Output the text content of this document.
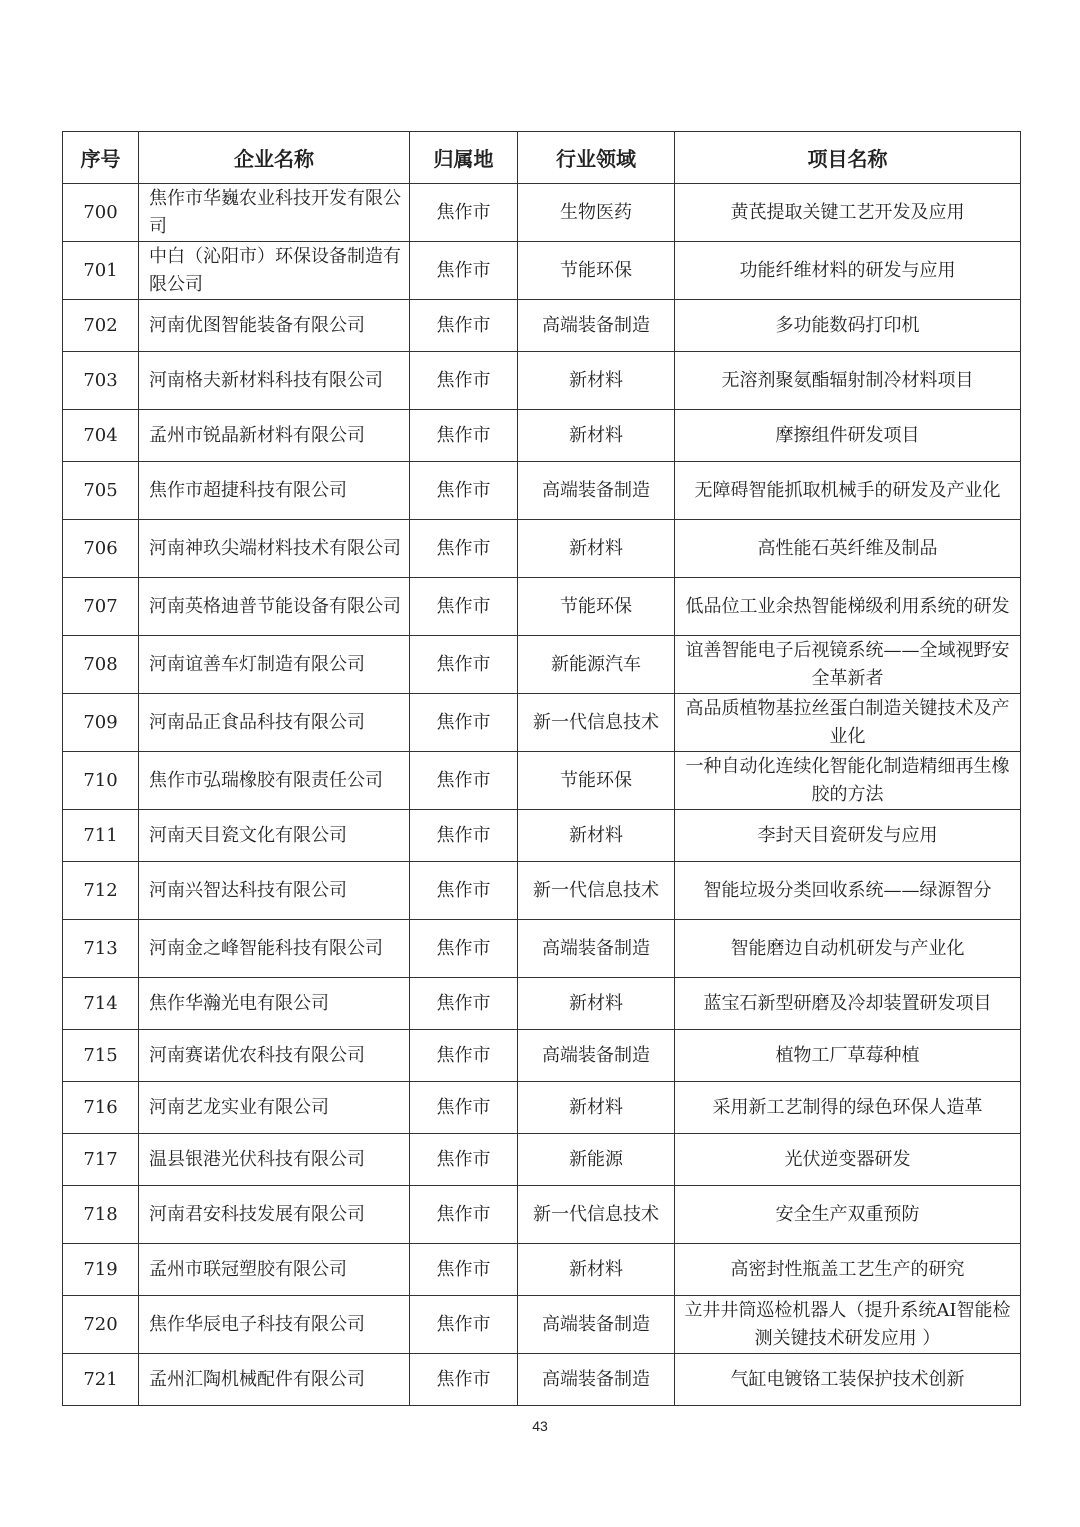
序号	企业名称	归属地	行业领域	项目名称
700	焦作市华巍农业科技开发有限公司	焦作市	生物医药	黄芪提取关键工艺开发及应用
701	中白（沁阳市）环保设备制造有限公司	焦作市	节能环保	功能纤维材料的研发与应用
702	河南优图智能装备有限公司	焦作市	高端装备制造	多功能数码打印机
703	河南格夫新材料科技有限公司	焦作市	新材料	无溶剂聚氨酯辐射制冷材料项目
704	孟州市锐晶新材料有限公司	焦作市	新材料	摩擦组件研发项目
705	焦作市超捷科技有限公司	焦作市	高端装备制造	无障碍智能抓取机械手的研发及产业化
706	河南神玖尖端材料技术有限公司	焦作市	新材料	高性能石英纤维及制品
707	河南英格迪普节能设备有限公司	焦作市	节能环保	低品位工业余热智能梯级利用系统的研发
708	河南谊善车灯制造有限公司	焦作市	新能源汽车	谊善智能电子后视镜系统——全域视野安全革新者
709	河南品正食品科技有限公司	焦作市	新一代信息技术	高品质植物基拉丝蛋白制造关键技术及产业化
710	焦作市弘瑞橡胶有限责任公司	焦作市	节能环保	一种自动化连续化智能化制造精细再生橡胶的方法
711	河南天目瓷文化有限公司	焦作市	新材料	李封天目瓷研发与应用
712	河南兴智达科技有限公司	焦作市	新一代信息技术	智能垃圾分类回收系统——绿源智分
713	河南金之峰智能科技有限公司	焦作市	高端装备制造	智能磨边自动机研发与产业化
714	焦作华瀚光电有限公司	焦作市	新材料	蓝宝石新型研磨及冷却装置研发项目
715	河南赛诺优农科技有限公司	焦作市	高端装备制造	植物工厂草莓种植
716	河南艺龙实业有限公司	焦作市	新材料	采用新工艺制得的绿色环保人造革
717	温县银港光伏科技有限公司	焦作市	新能源	光伏逆变器研发
718	河南君安科技发展有限公司	焦作市	新一代信息技术	安全生产双重预防
719	孟州市联冠塑胶有限公司	焦作市	新材料	高密封性瓶盖工艺生产的研究
720	焦作华辰电子科技有限公司	焦作市	高端装备制造	立井井筒巡检机器人（提升系统AI智能检测关键技术研发应用 ）
721	孟州汇陶机械配件有限公司	焦作市	高端装备制造	气缸电镀铬工装保护技术创新
43
